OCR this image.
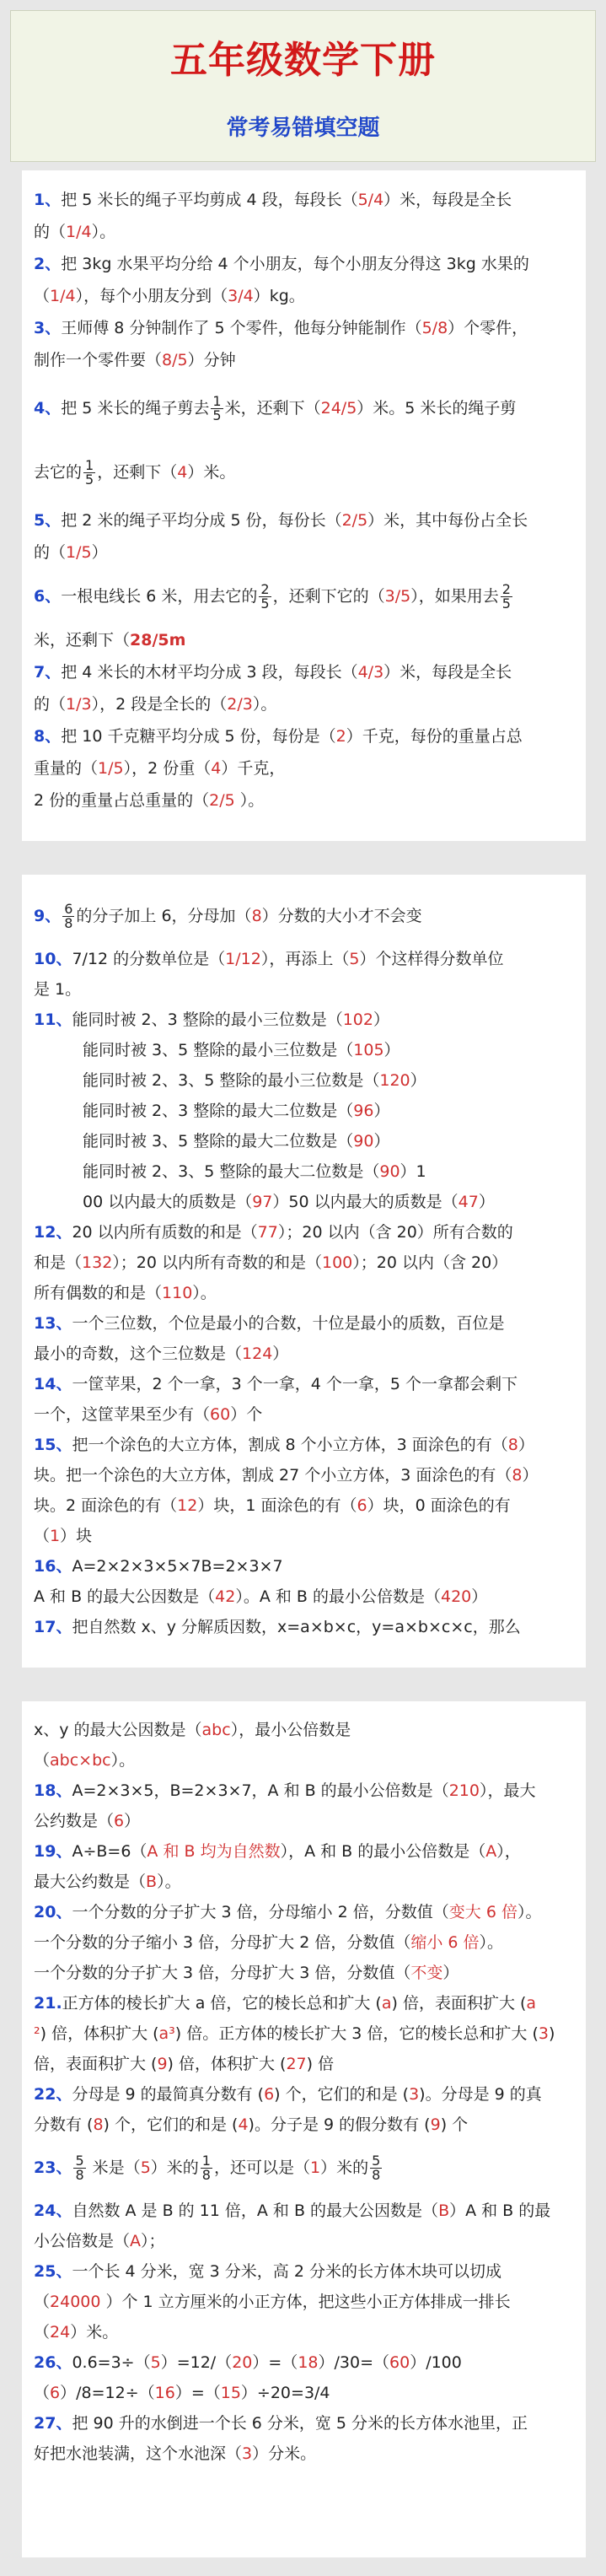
五年级数学下册
常考易错填空题
1、把 5 米长的绳子平均剪成 4 段，每段长（5/4）米，每段是全长
的（1/4）。
2、把 3kg 水果平均分给 4 个小朋友，每个小朋友分得这 3kg 水果的
（1/4），每个小朋友分到（3/4）kg。
3、王师傅 8 分钟制作了 5 个零件，他每分钟能制作（5/8）个零件，
制作一个零件要（8/5）分钟
4、把 5 米长的绳子剪去 $\frac{1}{5}$ 米，还剩下（24/5）米。5 米长的绳子剪
去它的 $\frac{1}{5}$ ，还剩下（4）米。
5、把 2 米的绳子平均分成 5 份，每份长（2/5）米，其中每份占全长
的（1/5）
6、一根电线长 6 米，用去它的 $\frac{2}{5}$ ，还剩下它的（3/5），如果用去 $\frac{2}{5}$
米，还剩下（28/5m
7、把 4 米长的木材平均分成 3 段，每段长（4/3）米，每段是全长
的（1/3），2 段是全长的（2/3）。
8、把 10 千克糖平均分成 5 份，每份是（2）千克，每份的重量占总
重量的（1/5），2 份重（4）千克，
2 份的重量占总重量的（2/5 ）。
9、 $\frac{6}{8}$ 的分子加上 6，分母加（8）分数的大小才不会变
10、7/12 的分数单位是（1/12），再添上（5）个这样得分数单位
是 1。
11、能同时被 2、3 整除的最小三位数是（102）
能同时被 3、5 整除的最小三位数是（105）
能同时被 2、3、5 整除的最小三位数是（120）
能同时被 2、3 整除的最大二位数是（96）
能同时被 3、5 整除的最大二位数是（90）
能同时被 2、3、5 整除的最大二位数是（90）1
00 以内最大的质数是（97）50 以内最大的质数是（47）
12、20 以内所有质数的和是（77）；20 以内（含 20）所有合数的
和是（132）；20 以内所有奇数的和是（100）；20 以内（含 20）
所有偶数的和是（110）。
13、一个三位数，个位是最小的合数，十位是最小的质数，百位是
最小的奇数，这个三位数是（124）
14、一筐苹果，2 个一拿，3 个一拿，4 个一拿，5 个一拿都会剩下
一个，这筐苹果至少有（60）个
15、把一个涂色的大立方体，割成 8 个小立方体，3 面涂色的有（8）
块。把一个涂色的大立方体，割成 27 个小立方体，3 面涂色的有（8）
块。2 面涂色的有（12）块，1 面涂色的有（6）块，0 面涂色的有
（1）块
16、A=2×2×3×5×7B=2×3×7
A 和 B 的最大公因数是（42）。A 和 B 的最小公倍数是（420）
17、把自然数 x、y 分解质因数，x=a×b×c，y=a×b×c×c，那么
x、y 的最大公因数是（abc），最小公倍数是
（abc×bc）。
18、A=2×3×5，B=2×3×7，A 和 B 的最小公倍数是（210），最大
公约数是（6）
19、A÷B=6（A 和 B 均为自然数），A 和 B 的最小公倍数是（A），
最大公约数是（B）。
20、一个分数的分子扩大 3 倍，分母缩小 2 倍，分数值（变大 6 倍）。
一个分数的分子缩小 3 倍，分母扩大 2 倍，分数值（缩小 6 倍）。
一个分数的分子扩大 3 倍，分母扩大 3 倍，分数值（不变）
21.正方体的棱长扩大 a 倍，它的棱长总和扩大 (a) 倍，表面积扩大 (a
²) 倍，体积扩大 (a³) 倍。正方体的棱长扩大 3 倍，它的棱长总和扩大 (3)
倍，表面积扩大 (9) 倍，体积扩大 (27) 倍
22、分母是 9 的最简真分数有 (6) 个，它们的和是 (3)。分母是 9 的真
分数有 (8) 个，它们的和是 (4)。分子是 9 的假分数有 (9) 个
23、 $\frac{5}{8}$ 米是（5）米的 $\frac{1}{8}$ ，还可以是（1）米的 $\frac{5}{8}$
24、自然数 A 是 B 的 11 倍，A 和 B 的最大公因数是（B）A 和 B 的最
小公倍数是（A）；
25、一个长 4 分米，宽 3 分米，高 2 分米的长方体木块可以切成
（24000 ）个 1 立方厘米的小正方体，把这些小正方体排成一排长
（24）米。
26、0.6=3÷（5）=12/（20）=（18）/30=（60）/100
（6）/8=12÷（16）=（15）÷20=3/4
27、把 90 升的水倒进一个长 6 分米，宽 5 分米的长方体水池里，正
好把水池装满，这个水池深（3）分米。
